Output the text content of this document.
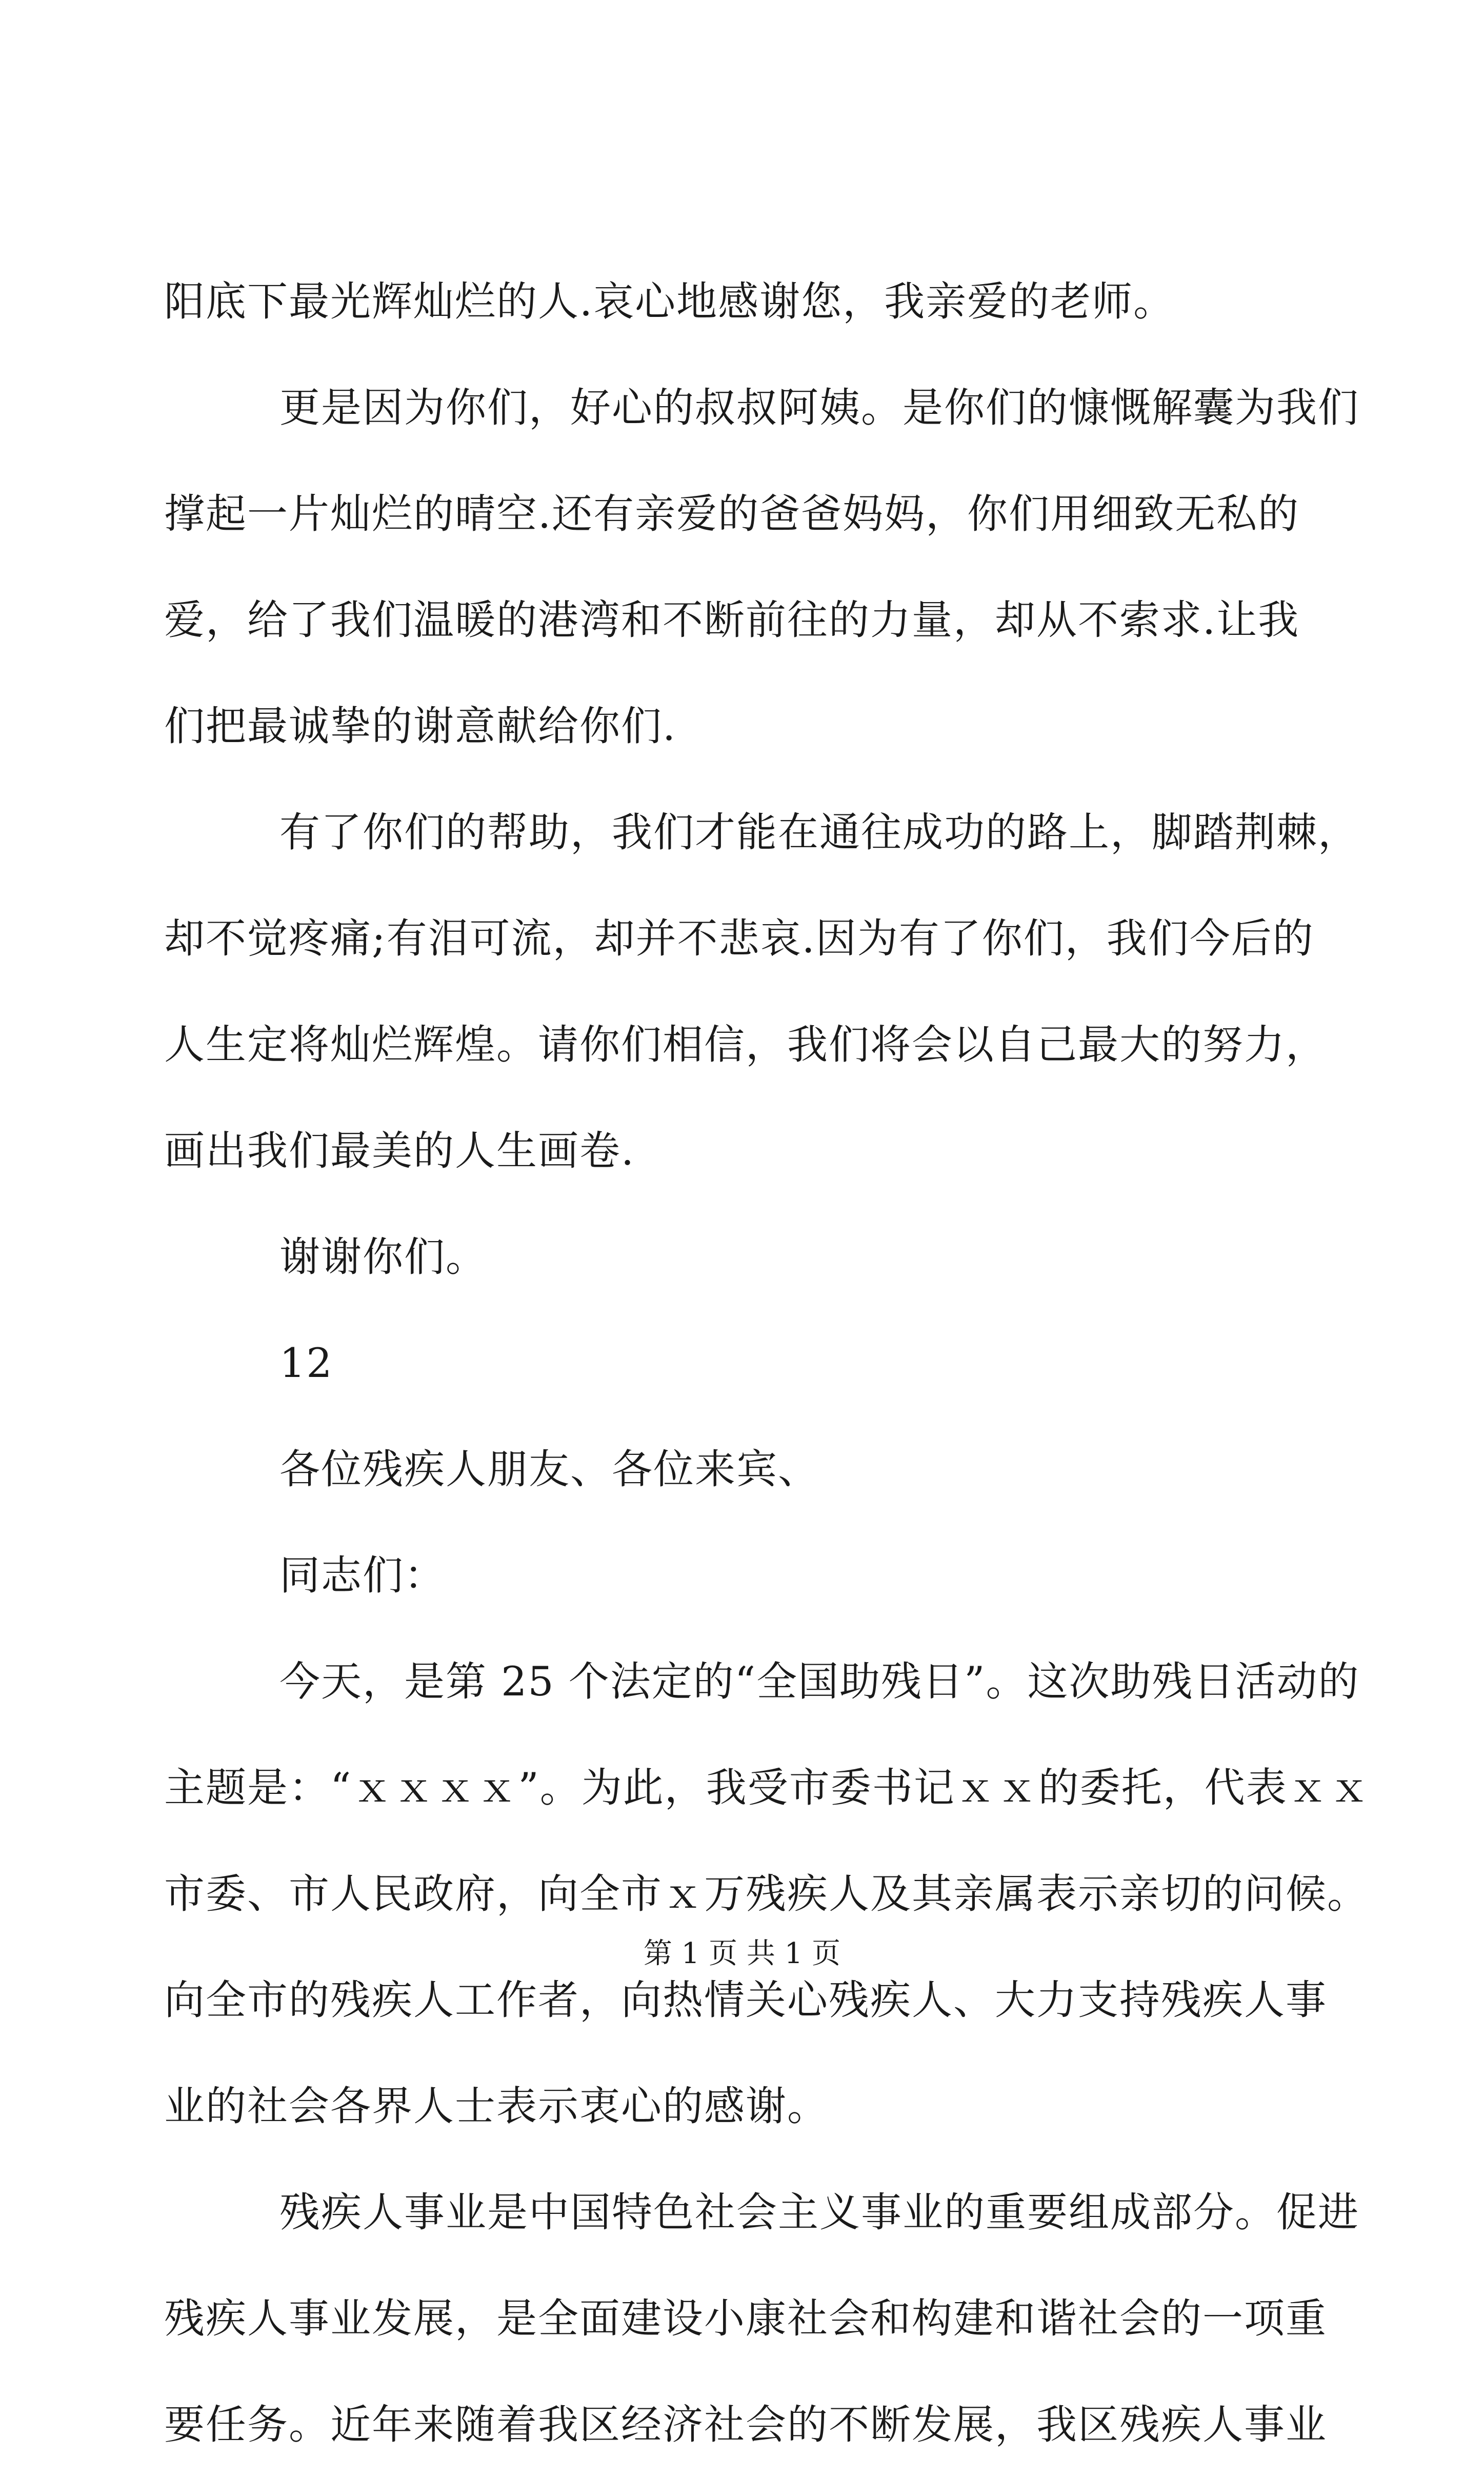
阳底下最光辉灿烂的人.哀心地感谢您，我亲爱的老师。
更是因为你们，好心的叔叔阿姨。是你们的慷慨解囊为我们
撑起一片灿烂的晴空.还有亲爱的爸爸妈妈，你们用细致无私的
爱，给了我们温暖的港湾和不断前往的力量，却从不索求.让我
们把最诚挚的谢意献给你们.
有了你们的帮助，我们才能在通往成功的路上，脚踏荆棘，
却不觉疼痛;有泪可流，却并不悲哀.因为有了你们，我们今后的
人生定将灿烂辉煌。请你们相信，我们将会以自己最大的努力，
画出我们最美的人生画卷.
谢谢你们。
12
各位残疾人朋友、各位来宾、
同志们：
今天，是第 25 个法定的“全国助残日”。这次助残日活动的
主题是：“ｘｘｘｘ”。为此，我受市委书记ｘｘ的委托，代表ｘｘ
市委、市人民政府，向全市ｘ万残疾人及其亲属表示亲切的问候。
向全市的残疾人工作者，向热情关心残疾人、大力支持残疾人事
业的社会各界人士表示衷心的感谢。
残疾人事业是中国特色社会主义事业的重要组成部分。促进
残疾人事业发展，是全面建设小康社会和构建和谐社会的一项重
要任务。近年来随着我区经济社会的不断发展，我区残疾人事业
第 1 页 共 1 页
